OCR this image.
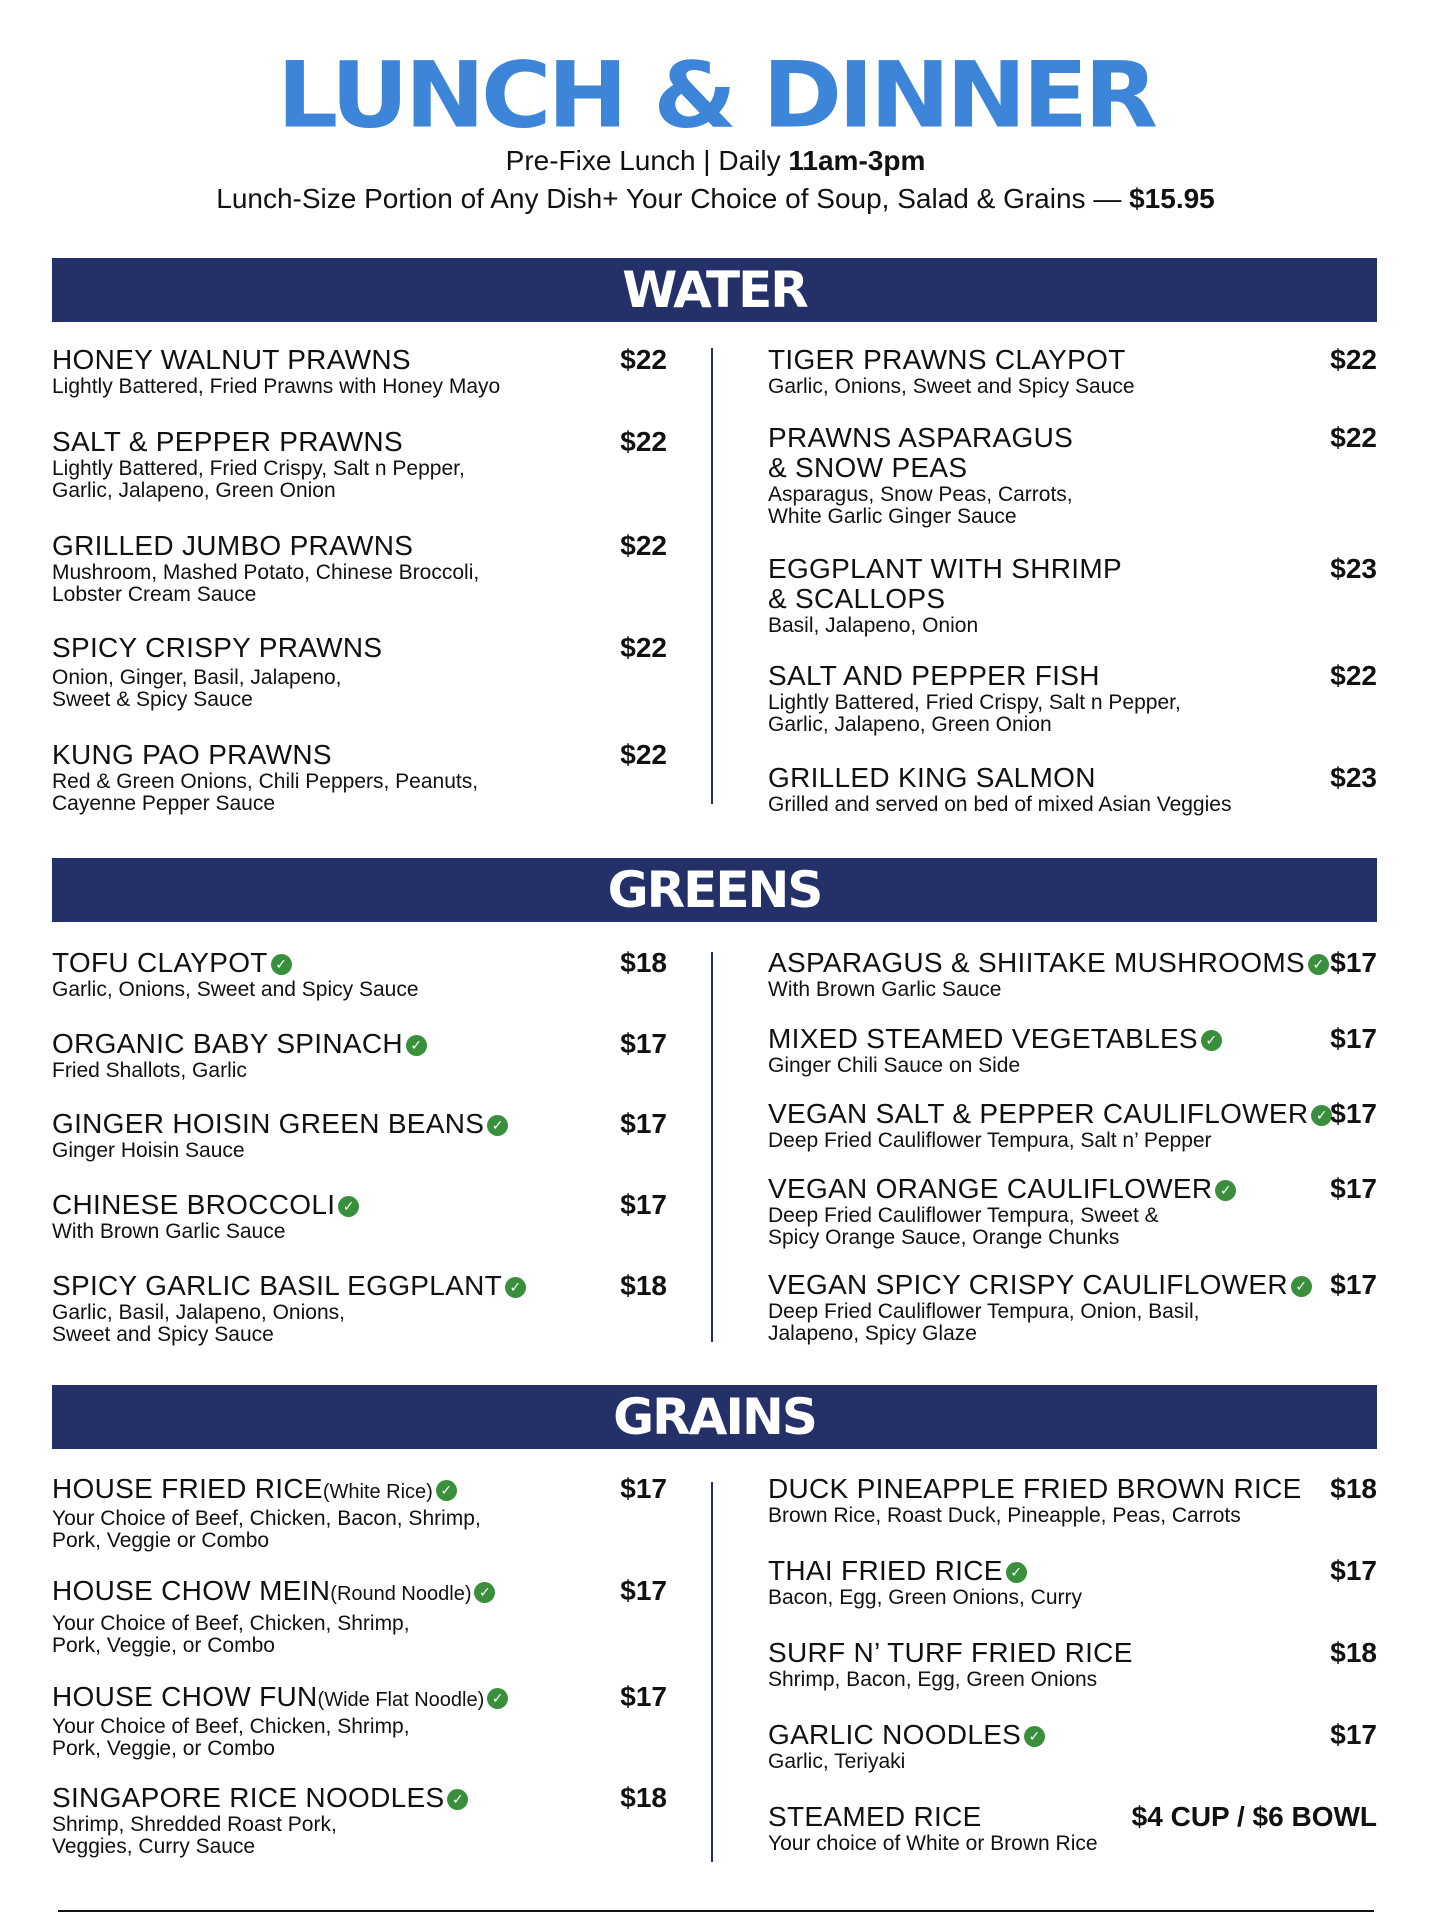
LUNCH & DINNER
Pre-Fixe Lunch | Daily 11am-3pm
Lunch-Size Portion of Any Dish+ Your Choice of Soup, Salad & Grains — $15.95
WATER
HONEY WALNUT PRAWNS	$22
Lightly Battered, Fried Prawns with Honey Mayo
SALT & PEPPER PRAWNS	$22
Lightly Battered, Fried Crispy, Salt n Pepper, Garlic, Jalapeno, Green Onion
GRILLED JUMBO PRAWNS	$22
Mushroom, Mashed Potato, Chinese Broccoli, Lobster Cream Sauce
SPICY CRISPY PRAWNS	$22
Onion, Ginger, Basil, Jalapeno, Sweet & Spicy Sauce
KUNG PAO PRAWNS	$22
Red & Green Onions, Chili Peppers, Peanuts, Cayenne Pepper Sauce
TIGER PRAWNS CLAYPOT	$22
Garlic, Onions, Sweet and Spicy Sauce
PRAWNS ASPARAGUS & SNOW PEAS
$22
Asparagus, Snow Peas, Carrots, White Garlic Ginger Sauce
EGGPLANT WITH SHRIMP & SCALLOPS
$23
Basil, Jalapeno, Onion
SALT AND PEPPER FISH	$22
Lightly Battered, Fried Crispy, Salt n Pepper, Garlic, Jalapeno, Green Onion
GRILLED KING SALMON	$23
Grilled and served on bed of mixed Asian Veggies
GREENS
TOFU CLAYPOT ✓	$18
Garlic, Onions, Sweet and Spicy Sauce
ORGANIC BABY SPINACH ✓	$17
Fried Shallots, Garlic
GINGER HOISIN GREEN BEANS ✓	$17
Ginger Hoisin Sauce
CHINESE BROCCOLI ✓	$17
With Brown Garlic Sauce
SPICY GARLIC BASIL EGGPLANT ✓	$18
Garlic, Basil, Jalapeno, Onions, Sweet and Spicy Sauce
ASPARAGUS & SHIITAKE MUSHROOMS ✓ $17
With Brown Garlic Sauce
MIXED STEAMED VEGETABLES ✓	$17
Ginger Chili Sauce on Side
VEGAN SALT & PEPPER CAULIFLOWER ✓ $17
Deep Fried Cauliflower Tempura, Salt n’ Pepper
VEGAN ORANGE CAULIFLOWER ✓	$17
Deep Fried Cauliflower Tempura, Sweet & Spicy Orange Sauce, Orange Chunks
VEGAN SPICY CRISPY CAULIFLOWER ✓ $17
Deep Fried Cauliflower Tempura, Onion, Basil, Jalapeno, Spicy Glaze
GRAINS
HOUSE FRIED RICE(White Rice) ✓	$17
Your Choice of Beef, Chicken, Bacon, Shrimp, Pork, Veggie or Combo
HOUSE CHOW MEIN(Round Noodle) ✓	$17
Your Choice of Beef, Chicken, Shrimp, Pork, Veggie, or Combo
HOUSE CHOW FUN(Wide Flat Noodle) ✓	$17
Your Choice of Beef, Chicken, Shrimp, Pork, Veggie, or Combo
SINGAPORE RICE NOODLES ✓	$18
Shrimp, Shredded Roast Pork, Veggies, Curry Sauce
DUCK PINEAPPLE FRIED BROWN RICE	$18
Brown Rice, Roast Duck, Pineapple, Peas, Carrots
THAI FRIED RICE ✓	$17
Bacon, Egg, Green Onions, Curry
SURF N’ TURF FRIED RICE	$18
Shrimp, Bacon, Egg, Green Onions
GARLIC NOODLES ✓	$17
Garlic, Teriyaki
STEAMED RICE	$4 CUP / $6 BOWL
Your choice of White or Brown Rice
